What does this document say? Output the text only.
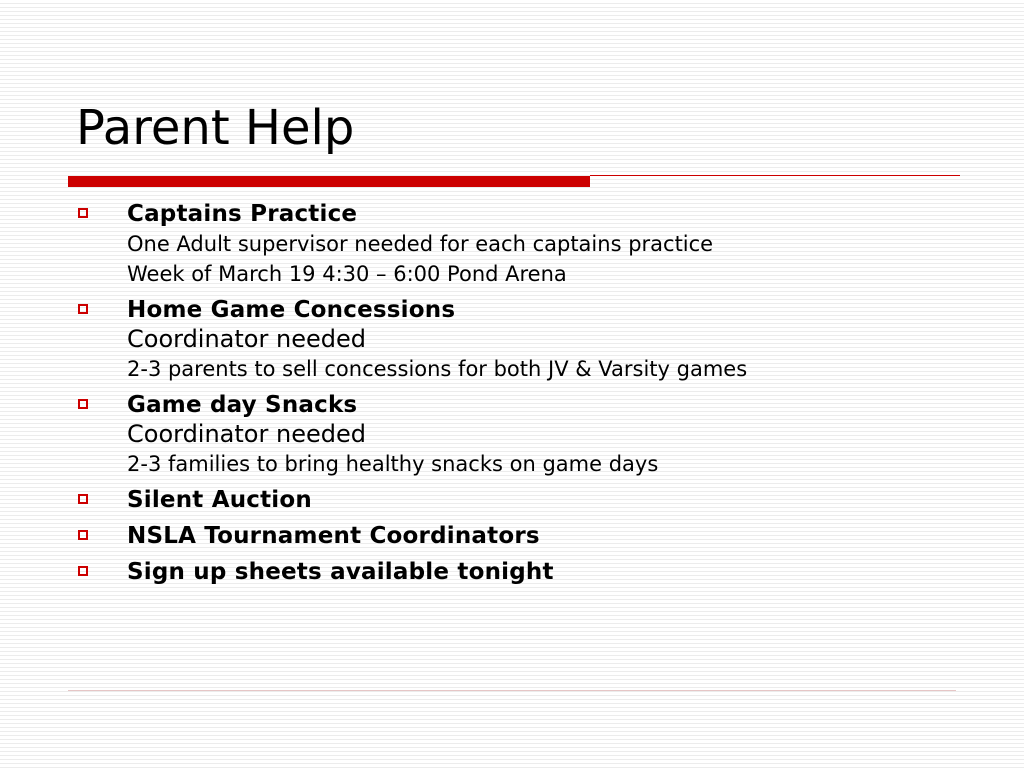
Parent Help
Captains Practice
One Adult supervisor needed for each captains practice
Week of March 19 4:30 – 6:00 Pond Arena
Home Game Concessions
Coordinator needed
2-3 parents to sell concessions for both JV & Varsity games
Game day Snacks
Coordinator needed
2-3 families to bring healthy snacks on game days
Silent Auction
NSLA Tournament Coordinators
Sign up sheets available tonight
